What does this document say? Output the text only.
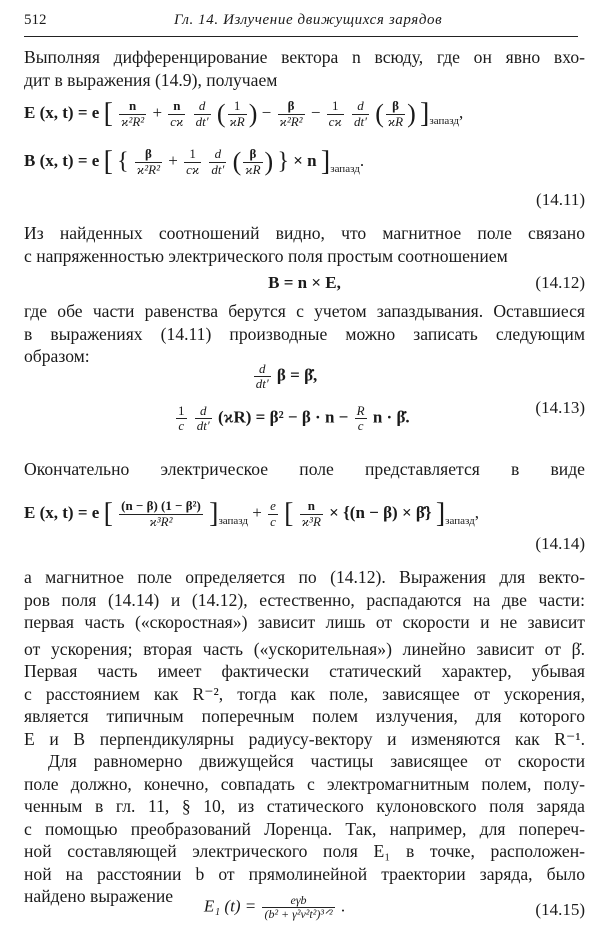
512	Гл. 14. Излучение движущихся зарядов
Выполняя дифференцирование вектора n всюду, где он явно вхо-
дит в выражения (14.9), получаем
E (x, t) = e [ $\frac{n}{\text{ϰ²R²}} + \frac{n}{cϰ}$
$\frac{d}{dt'}$ ( $\frac{1}{ϰR}$ ) − $\frac{\beta}{\text{ϰ²R²}} - \frac{1}{cϰ}$
$\frac{d}{dt'}$ ( $\frac{\beta}{ϰR}$ ) ]$_{запазд}$,
B (x, t) = e [ { $\frac{\beta}{\text{ϰ²R²}} + \frac{1}{cϰ}$
$\frac{d}{dt'}$ ( $\frac{\beta}{ϰR}$ ) } × n ]$_{запазд}$.
(14.11)
Из найденных соотношений видно, что магнитное поле связано
с напряженностью электрического поля простым соотношением
B = n × E,	(14.12)
где обе части равенства берутся с учетом запаздывания. Оставшиеся
в выражениях (14.11) производные можно записать следующим
образом:
$\frac{d}{dt'}$ β = β̇,
$\frac{1}{c}$
$\frac{d}{dt'} (ϰR) = \beta^2 - \beta \cdot n - \frac{R}{c}$ n · β̇.
(14.13)
Окончательно электрическое поле представляется в виде
E (x, t) = e [ $\frac{\text{(n − β) (1 − β²)}}{\text{ϰ³R²}} ]_{запазд} + \frac{e}{c}$ [ $\frac{n}{\text{ϰ³R}} \times \{(n - \beta)$ × β̇} ]$_{запазд}$,
(14.14)
а магнитное поле определяется по (14.12). Выражения для векто-
ров поля (14.14) и (14.12), естественно, распадаются на две части:
первая часть («скоростная») зависит лишь от скорости и не зависит
от ускорения; вторая часть («ускорительная») линейно зависит от β̇.
Первая часть имеет фактически статический характер, убывая
с расстоянием как R⁻², тогда как поле, зависящее от ускорения,
является типичным поперечным полем излучения, для которого
E и B перпендикулярны радиусу-вектору и изменяются как R⁻¹.
Для равномерно движущейся частицы зависящее от скорости
поле должно, конечно, совпадать с электромагнитным полем, полу-
ченным в гл. 11, § 10, из статического кулоновского поля заряда
с помощью преобразований Лоренца. Так, например, для попереч-
ной составляющей электрического поля E₁ в точке, расположен-
ной на расстоянии b от прямолинейной траектории заряда, было
найдено выражение
E₁ (t) =	eγb
(b² + γ²v²t²)³ᐟ² .	(14.15)
